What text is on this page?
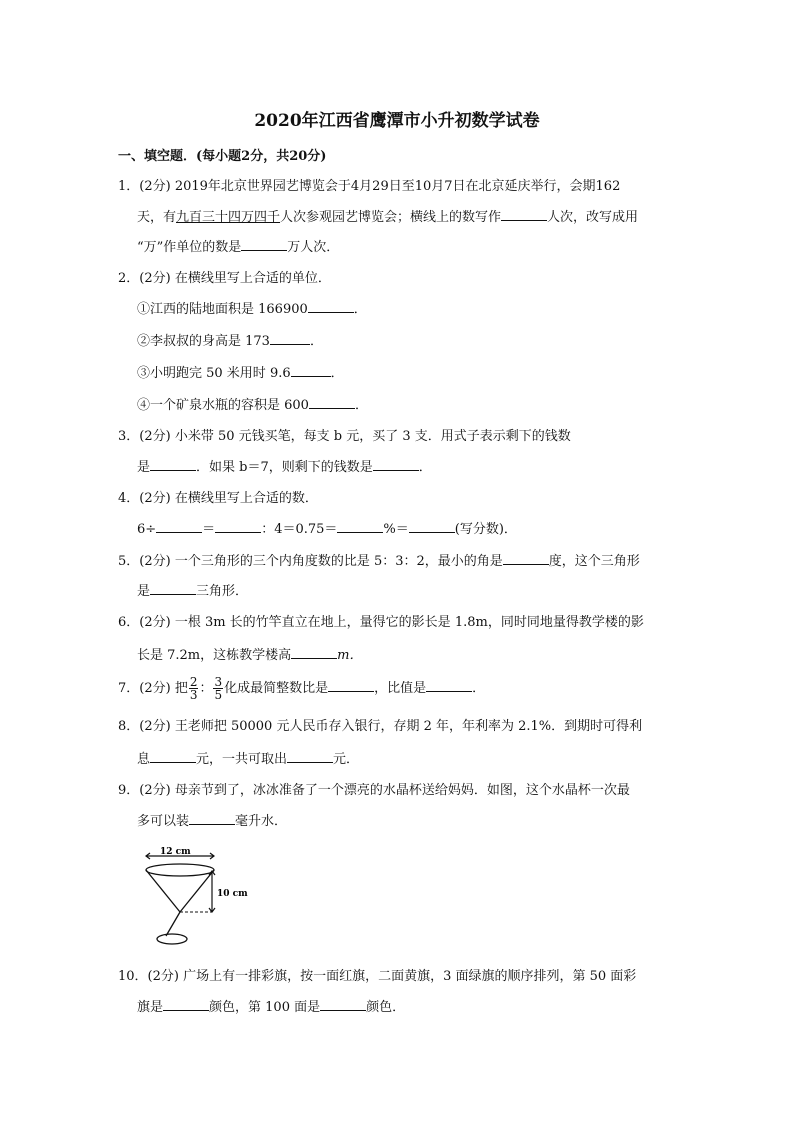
2020年江西省鹰潭市小升初数学试卷
一、填空题．(每小题2分，共20分)
1．(2分) 2019年北京世界园艺博览会于4月29日至10月7日在北京延庆举行，会期162
天，有九百三十四万四千人次参观园艺博览会；横线上的数写作	人次，改写成用
“万”作单位的数是	万人次．
2．(2分) 在横线里写上合适的单位．
①江西的陆地面积是 166900	．
②李叔叔的身高是 173	．
③小明跑完 50 米用时 9.6	．
④一个矿泉水瓶的容积是 600	．
3．(2分) 小米带 50 元钱买笔，每支 b 元，买了 3 支．用式子表示剩下的钱数
是	．如果 b＝7，则剩下的钱数是	．
4．(2分) 在横线里写上合适的数．
6÷	＝	：4＝0.75＝	%＝	(写分数)．
5．(2分) 一个三角形的三个内角度数的比是 5：3：2，最小的角是	度，这个三角形
是	三角形．
6．(2分) 一根 3m 长的竹竿直立在地上，量得它的影长是 1.8m，同时同地量得教学楼的影
长是 7.2m，这栋教学楼高	m．
7．(2分) 把 $\frac{2}{3}$ ： $\frac{3}{5}$ 化成最简整数比是	，比值是	．
8．(2分) 王老师把 50000 元人民币存入银行，存期 2 年，年利率为 2.1%．到期时可得利
息	元，一共可取出	元．
9．(2分) 母亲节到了，冰冰准备了一个漂亮的水晶杯送给妈妈．如图，这个水晶杯一次最
多可以装	毫升水．
12 cm
10 cm
10．(2分) 广场上有一排彩旗，按一面红旗，二面黄旗，3 面绿旗的顺序排列，第 50 面彩
旗是	颜色，第 100 面是	颜色．
